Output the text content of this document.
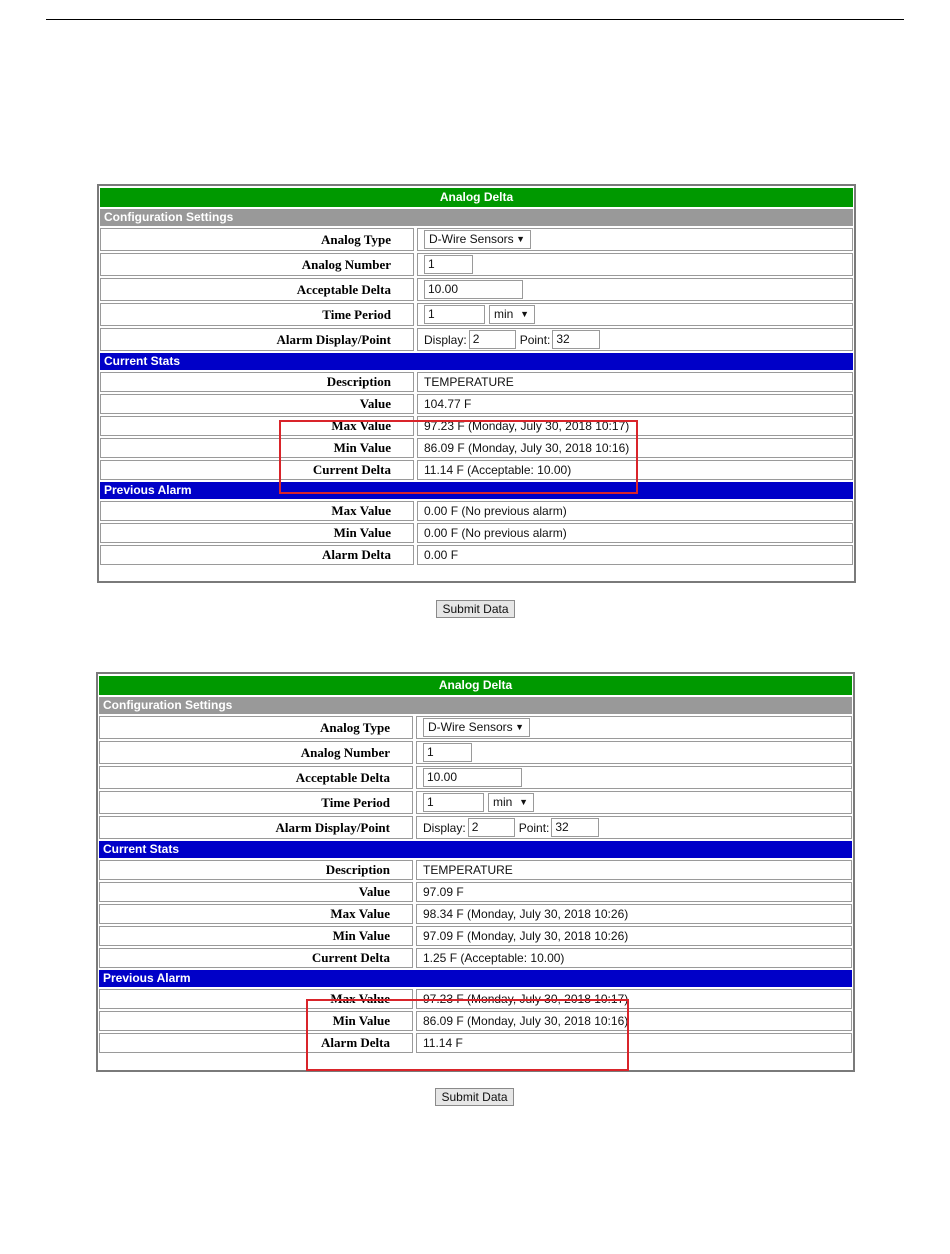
Analog Delta
Configuration Settings
Analog Type	D-Wire Sensors ▼
Analog Number	1
Acceptable Delta	10.00
Time Period	1	min ▼
Alarm Display/Point	Display: 2	Point: 32
Current Stats
Description	TEMPERATURE
Value	104.77 F
Max Value	97.23 F (Monday, July 30, 2018 10:17)
Min Value	86.09 F (Monday, July 30, 2018 10:16)
Current Delta	11.14 F (Acceptable: 10.00)
Previous Alarm
Max Value	0.00 F (No previous alarm)
Min Value	0.00 F (No previous alarm)
Alarm Delta	0.00 F
Submit Data
Analog Delta
Configuration Settings
Analog Type	D-Wire Sensors ▼
Analog Number	1
Acceptable Delta	10.00
Time Period	1	min ▼
Alarm Display/Point	Display: 2	Point: 32
Current Stats
Description	TEMPERATURE
Value	97.09 F
Max Value	98.34 F (Monday, July 30, 2018 10:26)
Min Value	97.09 F (Monday, July 30, 2018 10:26)
Current Delta	1.25 F (Acceptable: 10.00)
Previous Alarm
Max Value	97.23 F (Monday, July 30, 2018 10:17)
Min Value	86.09 F (Monday, July 30, 2018 10:16)
Alarm Delta	11.14 F
Submit Data
